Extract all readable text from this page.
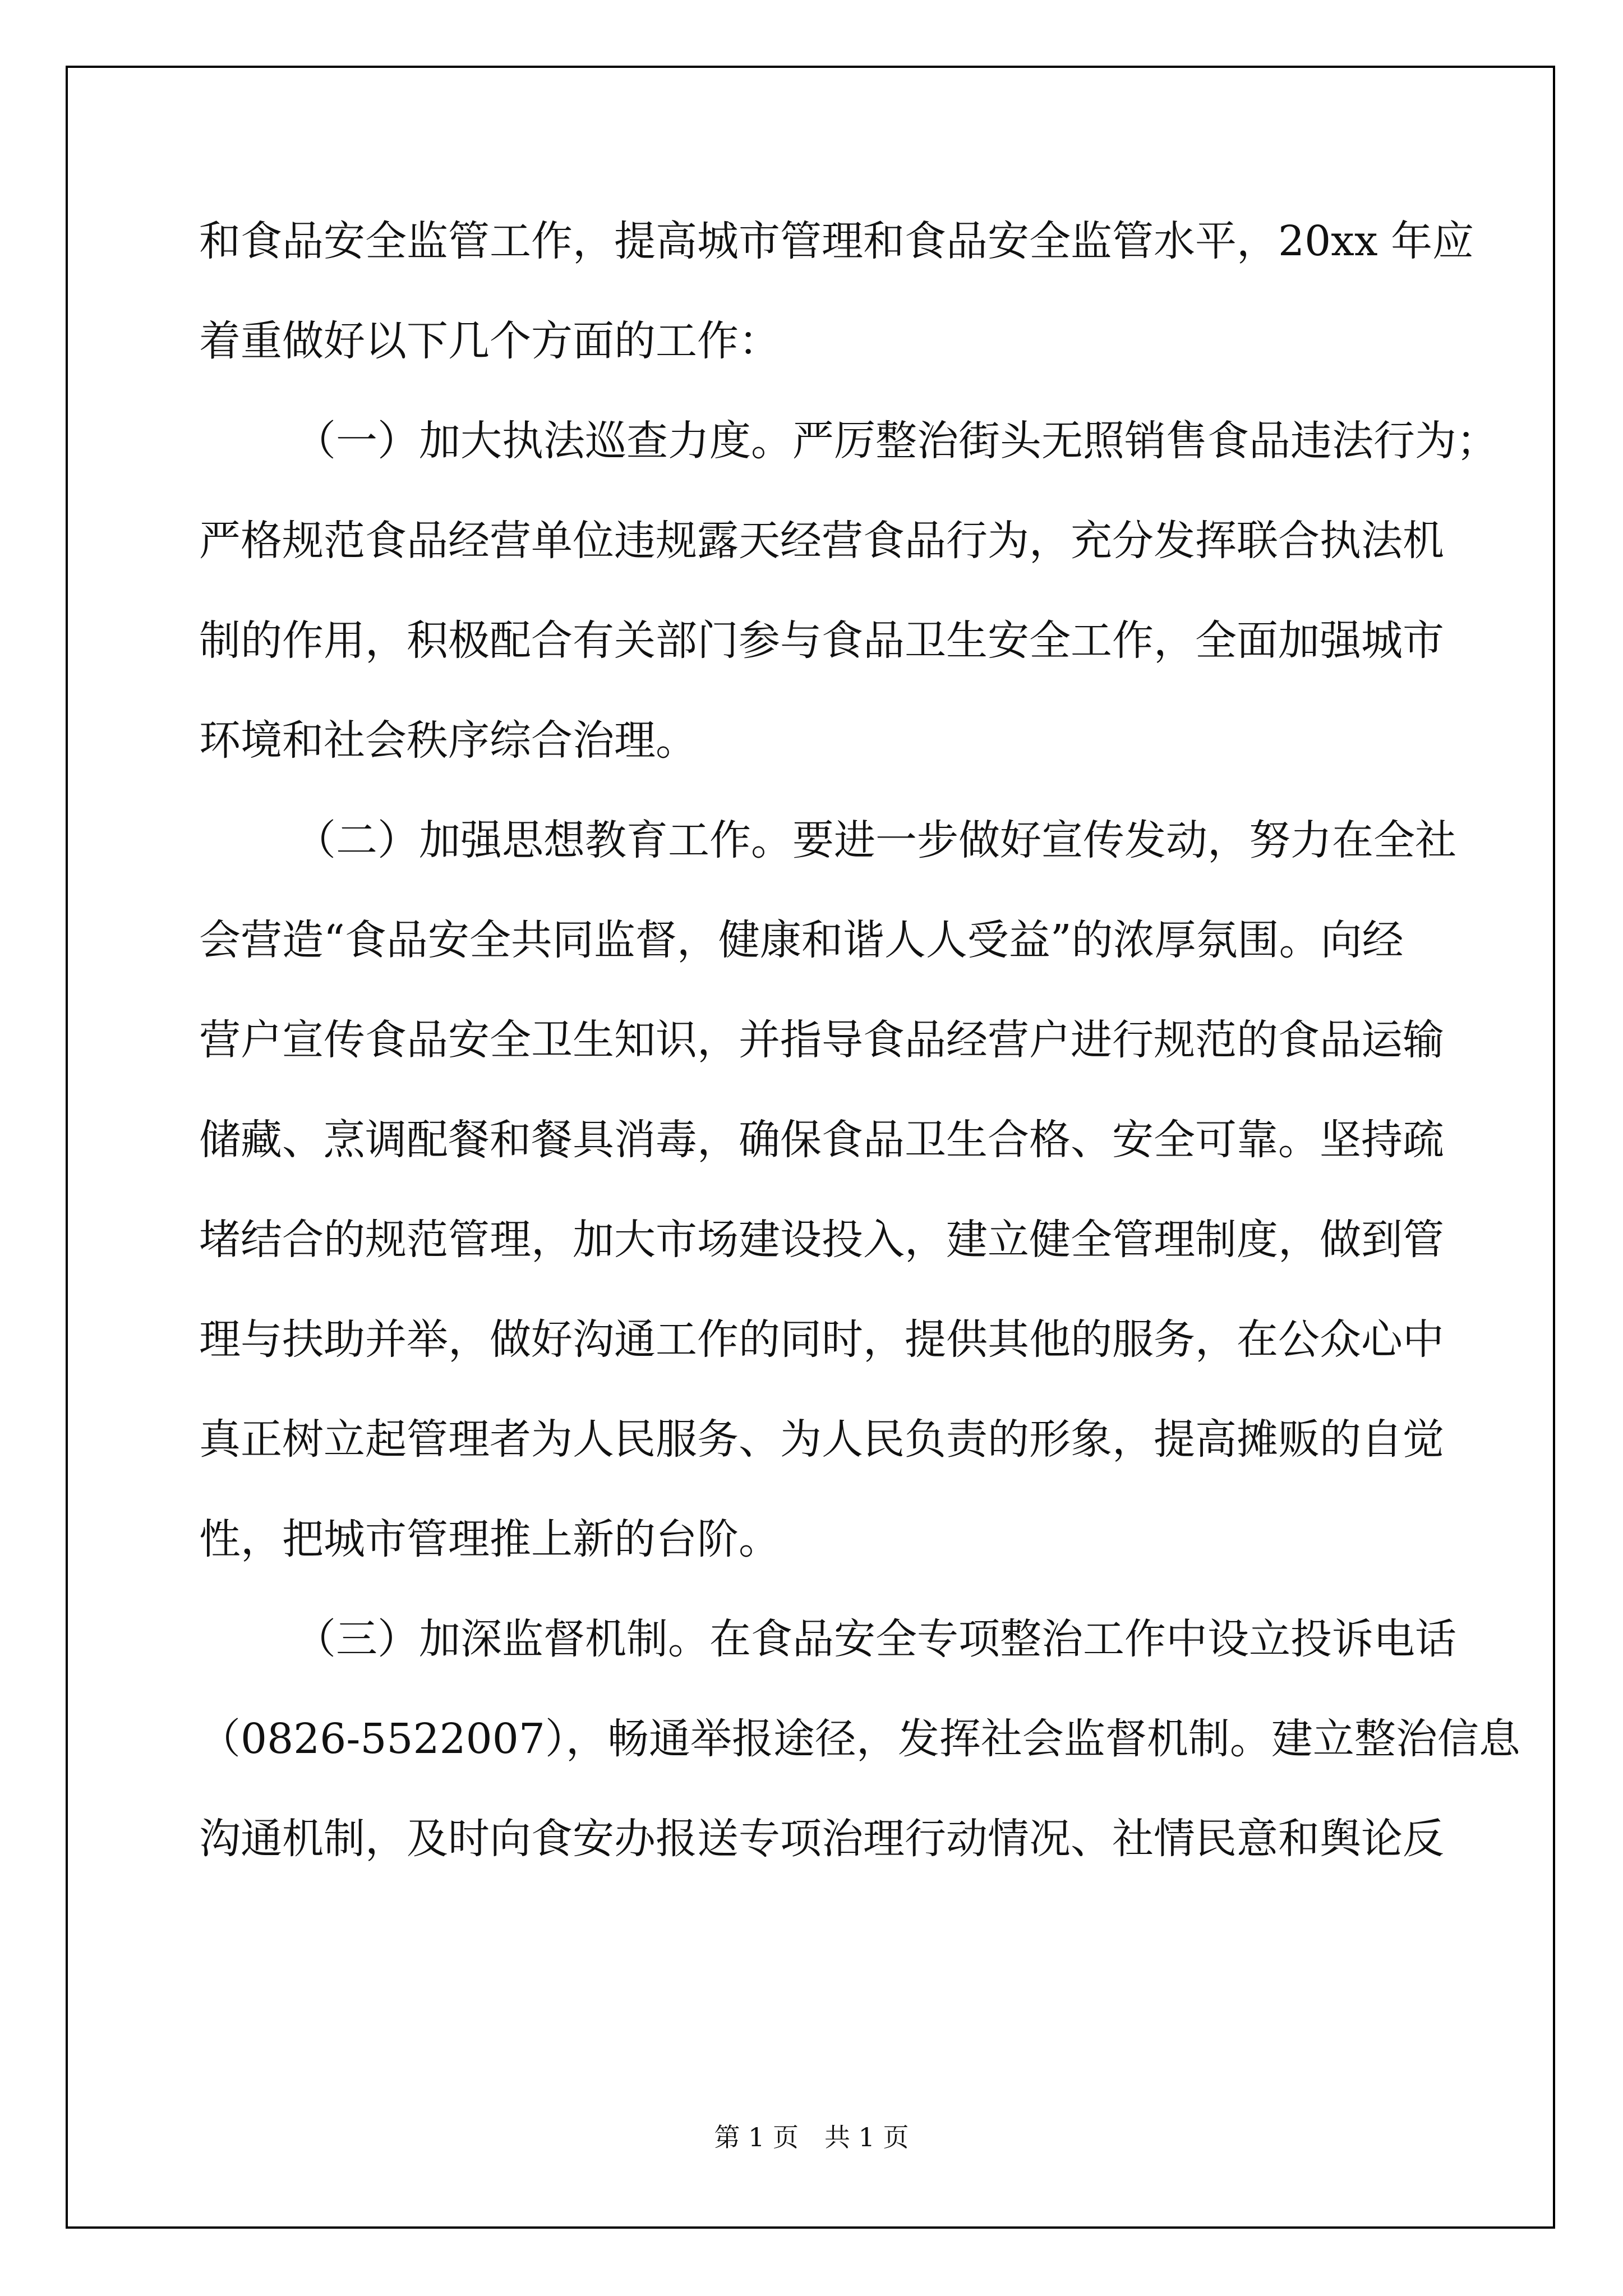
和食品安全监管工作，提高城市管理和食品安全监管水平，20xx 年应
着重做好以下几个方面的工作：
（一）加大执法巡查力度。严厉整治街头无照销售食品违法行为；
严格规范食品经营单位违规露天经营食品行为，充分发挥联合执法机
制的作用，积极配合有关部门参与食品卫生安全工作，全面加强城市
环境和社会秩序综合治理。
（二）加强思想教育工作。要进一步做好宣传发动，努力在全社
会营造“食品安全共同监督，健康和谐人人受益”的浓厚氛围。向经
营户宣传食品安全卫生知识，并指导食品经营户进行规范的食品运输
储藏、烹调配餐和餐具消毒，确保食品卫生合格、安全可靠。坚持疏
堵结合的规范管理，加大市场建设投入，建立健全管理制度，做到管
理与扶助并举，做好沟通工作的同时，提供其他的服务，在公众心中
真正树立起管理者为人民服务、为人民负责的形象，提高摊贩的自觉
性，把城市管理推上新的台阶。
（三）加深监督机制。在食品安全专项整治工作中设立投诉电话
（0826-5522007），畅通举报途径，发挥社会监督机制。建立整治信息
沟通机制，及时向食安办报送专项治理行动情况、社情民意和舆论反
第 1 页　共 1 页
